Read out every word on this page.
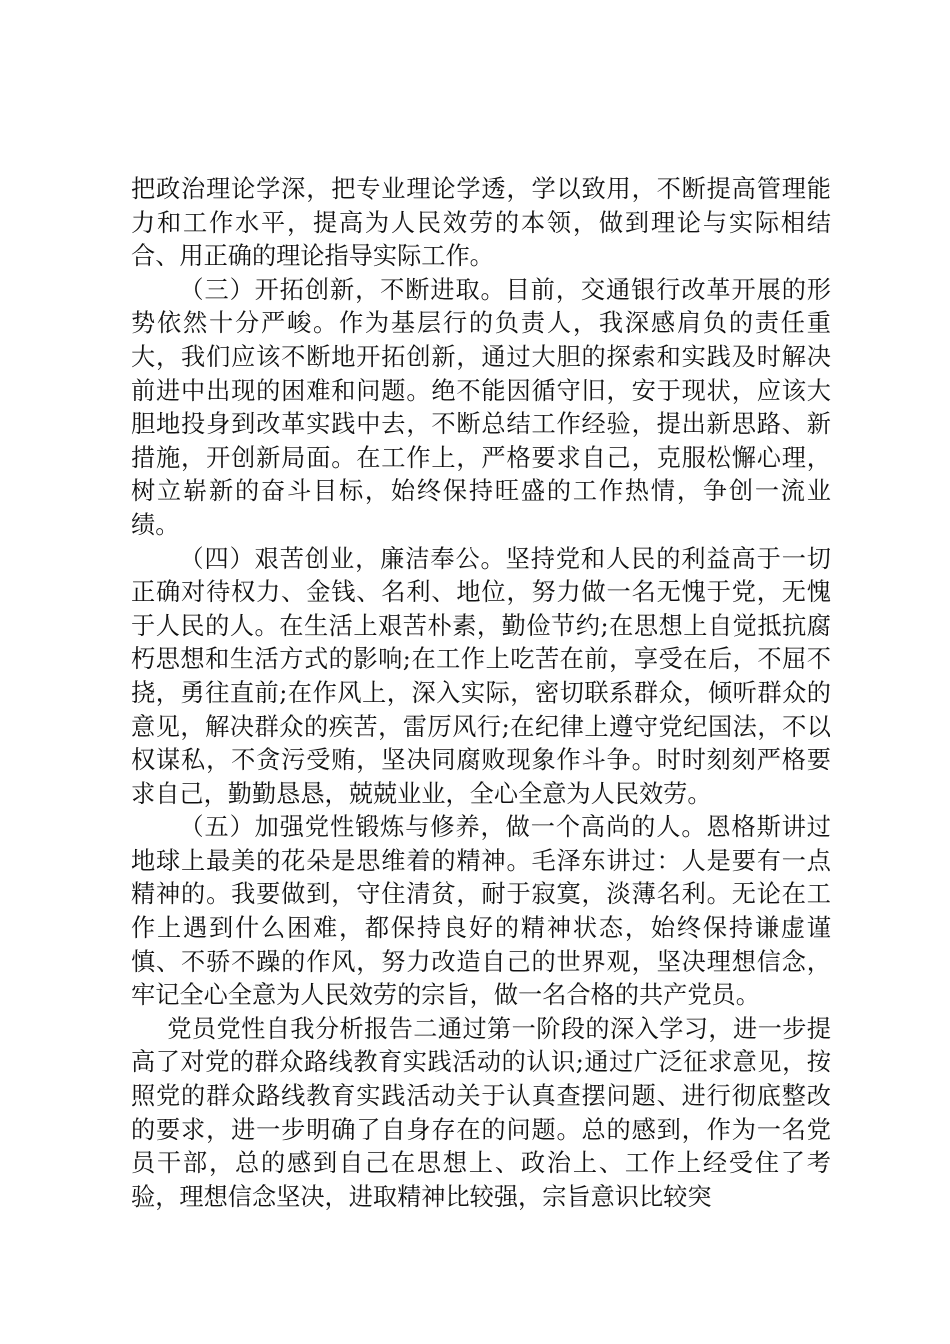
把政治理论学深，把专业理论学透，学以致用，不断提高管理能力和工作水平，提高为人民效劳的本领，做到理论与实际相结合、用正确的理论指导实际工作。

（三）开拓创新，不断进取。目前，交通银行改革开展的形势依然十分严峻。作为基层行的负责人，我深感肩负的责任重大，我们应该不断地开拓创新，通过大胆的探索和实践及时解决前进中出现的困难和问题。绝不能因循守旧，安于现状，应该大胆地投身到改革实践中去，不断总结工作经验，提出新思路、新措施，开创新局面。在工作上，严格要求自己，克服松懈心理，树立崭新的奋斗目标，始终保持旺盛的工作热情，争创一流业绩。

（四）艰苦创业，廉洁奉公。坚持党和人民的利益高于一切正确对待权力、金钱、名利、地位，努力做一名无愧于党，无愧于人民的人。在生活上艰苦朴素，勤俭节约;在思想上自觉抵抗腐朽思想和生活方式的影响;在工作上吃苦在前，享受在后，不屈不挠，勇往直前;在作风上，深入实际，密切联系群众，倾听群众的意见，解决群众的疾苦，雷厉风行;在纪律上遵守党纪国法，不以权谋私，不贪污受贿，坚决同腐败现象作斗争。时时刻刻严格要求自己，勤勤恳恳，兢兢业业，全心全意为人民效劳。

（五）加强党性锻炼与修养，做一个高尚的人。恩格斯讲过地球上最美的花朵是思维着的精神。毛泽东讲过：人是要有一点精神的。我要做到，守住清贫，耐于寂寞，淡薄名利。无论在工作上遇到什么困难，都保持良好的精神状态，始终保持谦虚谨慎、不骄不躁的作风，努力改造自己的世界观，坚决理想信念，牢记全心全意为人民效劳的宗旨，做一名合格的共产党员。

党员党性自我分析报告二通过第一阶段的深入学习，进一步提高了对党的群众路线教育实践活动的认识;通过广泛征求意见，按照党的群众路线教育实践活动关于认真查摆问题、进行彻底整改的要求，进一步明确了自身存在的问题。总的感到，作为一名党员干部，总的感到自己在思想上、政治上、工作上经受住了考验，理想信念坚决，进取精神比较强，宗旨意识比较突
